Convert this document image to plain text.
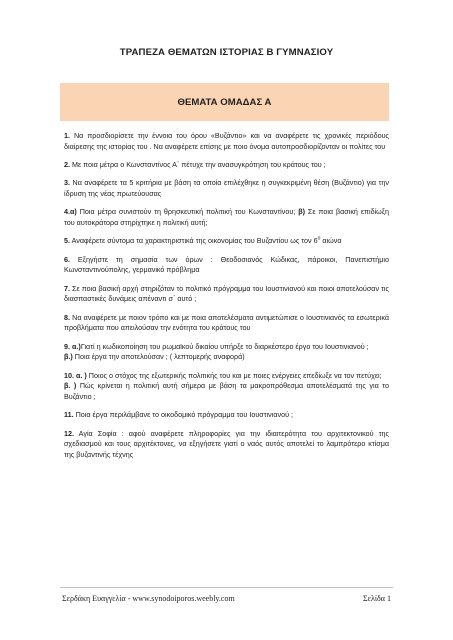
ΤΡΑΠΕΖΑ ΘΕΜΑΤΩΝ ΙΣΤΟΡΙΑΣ Β ΓΥΜΝΑΣΙΟΥ
ΘΕΜΑΤΑ ΟΜΑΔΑΣ Α

1. Να προσδιορίσετε την έννοια του όρου «Βυζάντιο» και να αναφέρετε τις χρονικές περιόδους διαίρεσης της ιστορίας του . Να αναφέρετε επίσης με ποιο όνομα αυτοπροσδιορίζονταν οι πολίτες του

2. Με ποια μέτρα ο Κωνσταντίνος Α΄ πέτυχε την ανασυγκρότηση του κράτους του ;

3. Να αναφέρετε τα 5 κριτήρια με βάση τα οποία επιλέχθηκε η συγκεκριμένη θέση (Βυζάντιο) για την ίδρυση της νέας πρωτεύουσας

4.α) Ποια μέτρα συνιστούν τη θρησκευτική πολιτική του Κωνσταντίνου; β) Σε ποια βασική επιδίωξη του αυτοκράτορα στηρίχτηκε η πολιτική αυτή;

5. Αναφέρετε σύντομα τα χαρακτηριστικά της οικονομίας του Βυζαντίου ως τον $6^o$ αιώνα

6. Εξηγήστε τη σημασία των όρων : Θεοδοσιανός Κώδικας, πάροικοι, Πανεπιστήμιο Κωνσταντινούπολης, γερμανικό πρόβλημα

7. Σε ποια βασική αρχή στηριζόταν το πολιτικό πρόγραμμα του Ιουστινιανού και ποιοι αποτελούσαν τις διασπαστικές δυνάμεις απέναντι σ΄ αυτό ;

8. Να αναφέρετε με ποιον τρόπο και με ποια αποτελέσματα αντιμετώπισε ο Ιουστινιανός τα εσωτερικά προβλήματα που απειλούσαν την ενότητα του κράτους του

9. α.)Γιατί η κωδικοποίηση του ρωμαϊκού δικαίου υπήρξε το διαρκέστερο έργο του Ιουστινιανού ;
β.) Ποια έργα την αποτελούσαν ; ( λεπτομερής αναφορά)

10. α. ) Ποιος ο στόχος της εξωτερικής πολιτικής του και με ποιες ενέργειες επεδίωξε να τον πετύχει;
β. ) Πώς κρίνεται η πολιτική αυτή σήμερα με βάση τα μακροπρόθεσμα αποτελέσματά της για το Βυζάντιο ;

11. Ποια έργα περιλάμβανε το οικοδομικό πρόγραμμα του Ιουστινιανού ;

12. Αγία Σοφία : αφού αναφέρετε πληροφορίες για την ιδιαιτερότητα του αρχιτεκτονικού της σχεδιασμού και τους αρχιτέκτονες, να εξηγήσετε γιατί ο ναός αυτός αποτελεί το λαμπρότερο κτίσμα της βυζαντινής τέχνης

Σερδάκη Ευαγγελία - www.synodoiporos.weebly.com	Σελίδα 1
